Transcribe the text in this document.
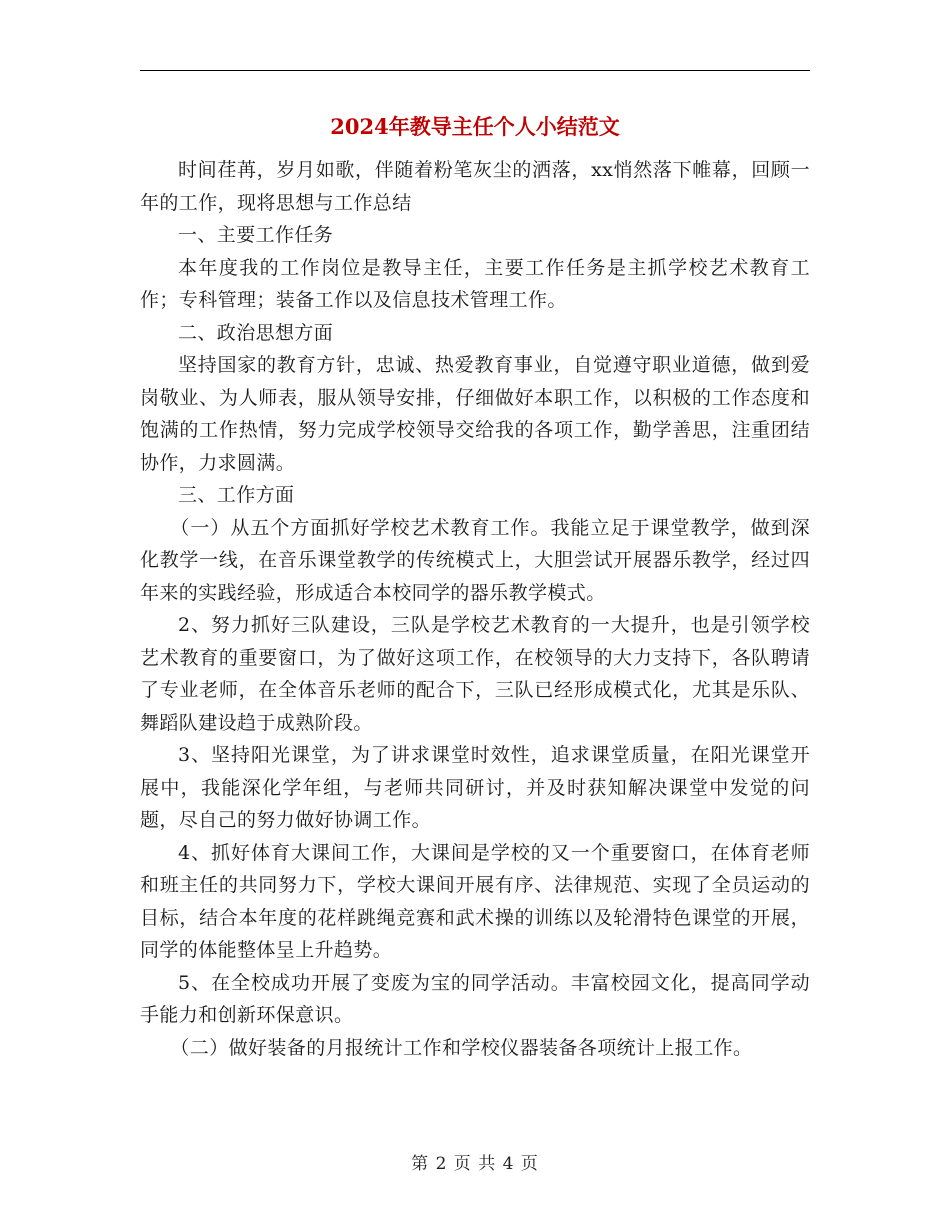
2024年教导主任个人小结范文

时间荏苒，岁月如歌，伴随着粉笔灰尘的洒落，xx悄然落下帷幕，回顾一年的工作，现将思想与工作总结

一、主要工作任务

本年度我的工作岗位是教导主任，主要工作任务是主抓学校艺术教育工作；专科管理；装备工作以及信息技术管理工作。

二、政治思想方面

坚持国家的教育方针，忠诚、热爱教育事业，自觉遵守职业道德，做到爱岗敬业、为人师表，服从领导安排，仔细做好本职工作，以积极的工作态度和饱满的工作热情，努力完成学校领导交给我的各项工作，勤学善思，注重团结协作，力求圆满。

三、工作方面

（一）从五个方面抓好学校艺术教育工作。我能立足于课堂教学，做到深化教学一线，在音乐课堂教学的传统模式上，大胆尝试开展器乐教学，经过四年来的实践经验，形成适合本校同学的器乐教学模式。

2、努力抓好三队建设，三队是学校艺术教育的一大提升，也是引领学校艺术教育的重要窗口，为了做好这项工作，在校领导的大力支持下，各队聘请了专业老师，在全体音乐老师的配合下，三队已经形成模式化，尤其是乐队、舞蹈队建设趋于成熟阶段。

3、坚持阳光课堂，为了讲求课堂时效性，追求课堂质量，在阳光课堂开展中，我能深化学年组，与老师共同研讨，并及时获知解决课堂中发觉的问题，尽自己的努力做好协调工作。

4、抓好体育大课间工作，大课间是学校的又一个重要窗口，在体育老师和班主任的共同努力下，学校大课间开展有序、法律规范、实现了全员运动的目标，结合本年度的花样跳绳竞赛和武术操的训练以及轮滑特色课堂的开展，同学的体能整体呈上升趋势。

5、在全校成功开展了变废为宝的同学活动。丰富校园文化，提高同学动手能力和创新环保意识。

（二）做好装备的月报统计工作和学校仪器装备各项统计上报工作。

第 2 页 共 4 页
